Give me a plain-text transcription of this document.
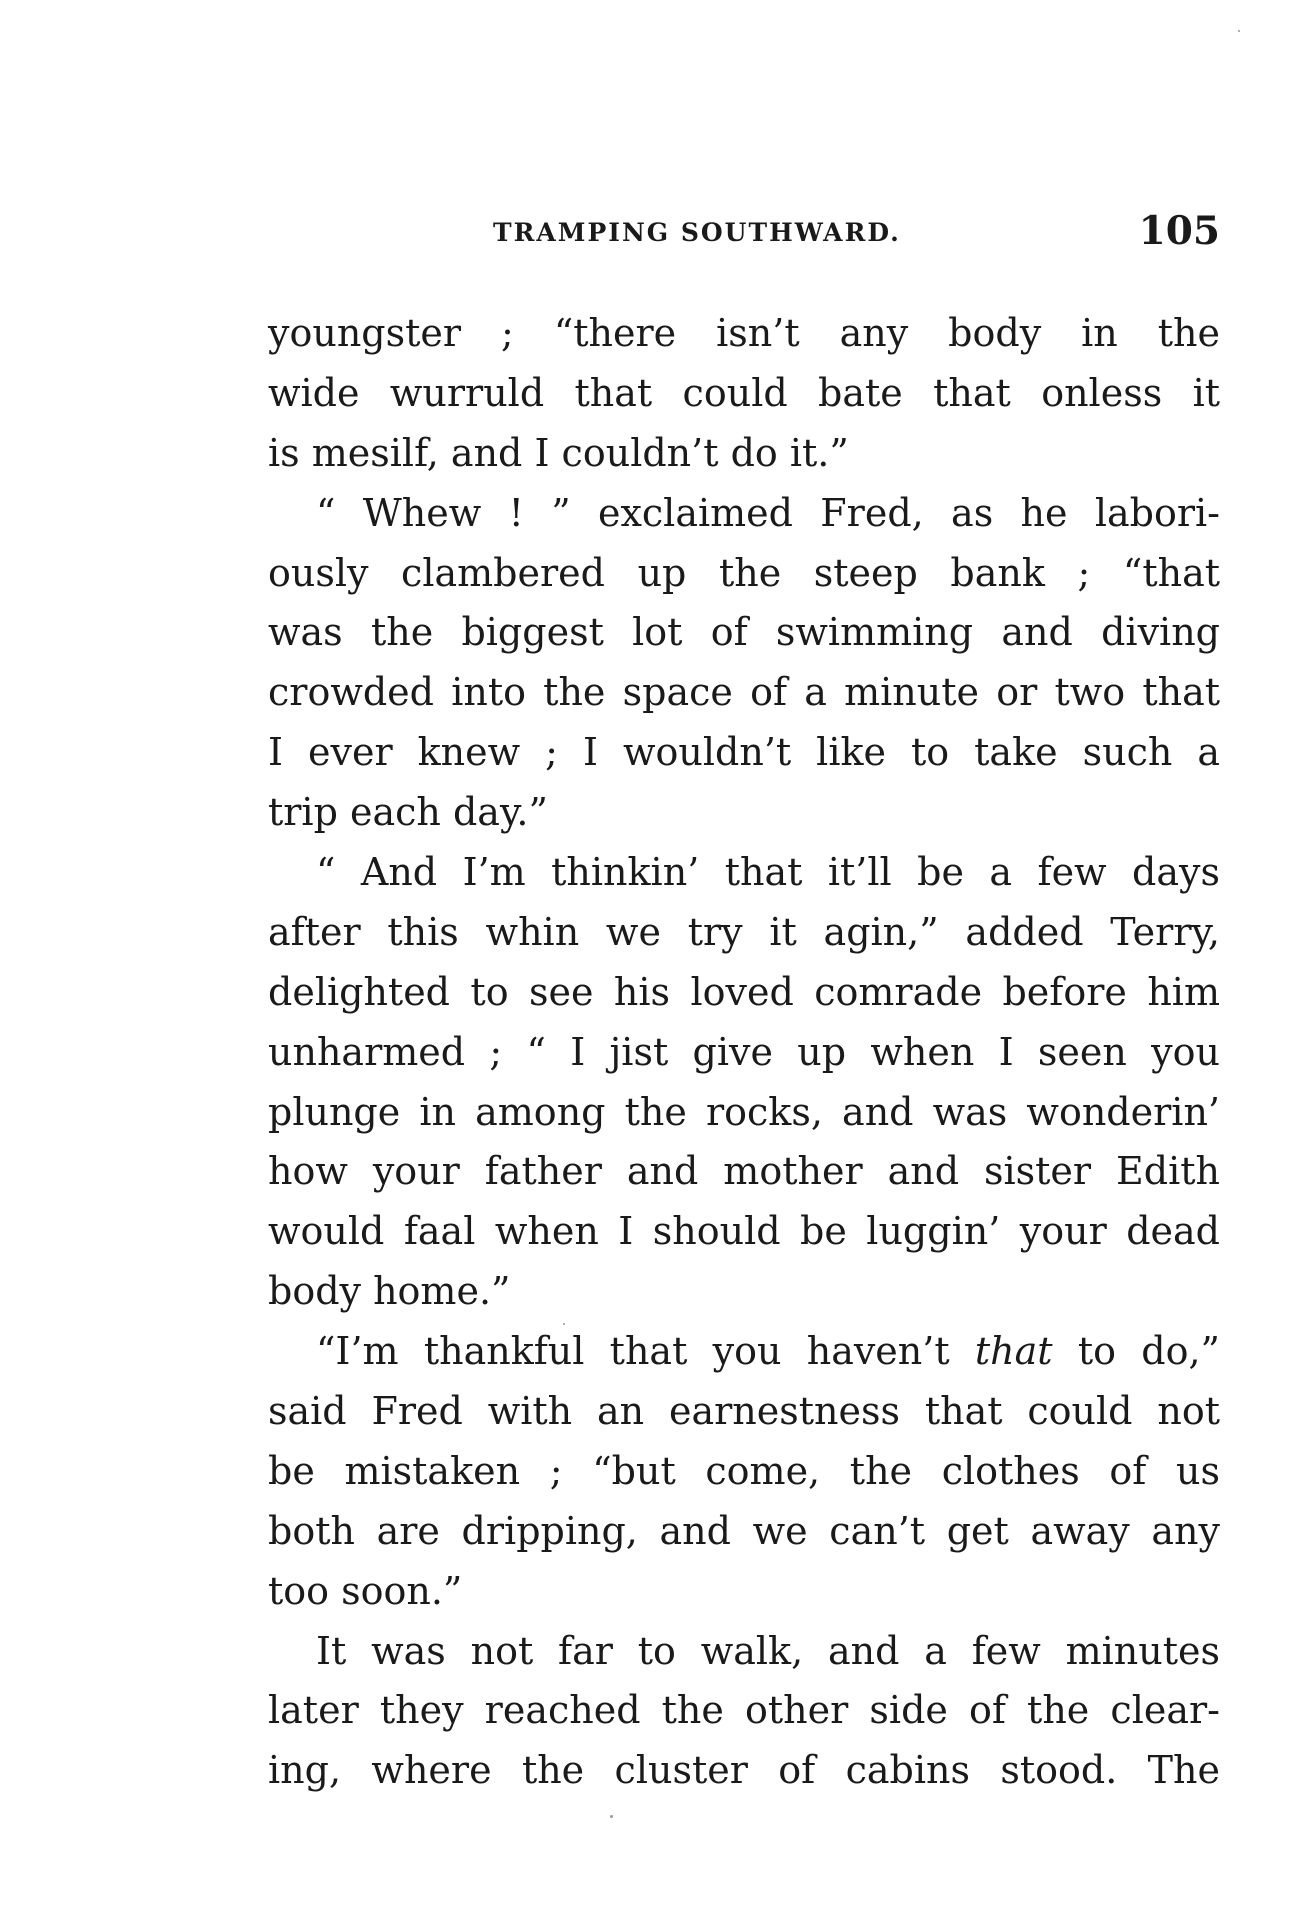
TRAMPING SOUTHWARD.	105
youngster ; “there isn’t any body in the
wide wurruld that could bate that onless it
is mesilf, and I couldn’t do it.”
“ Whew ! ” exclaimed Fred, as he labori-
ously clambered up the steep bank ; “that
was the biggest lot of swimming and diving
crowded into the space of a minute or two that
I ever knew ; I wouldn’t like to take such a
trip each day.”
“ And I’m thinkin’ that it’ll be a few days
after this whin we try it agin,” added Terry,
delighted to see his loved comrade before him
unharmed ; “ I jist give up when I seen you
plunge in among the rocks, and was wonderin’
how your father and mother and sister Edith
would faal when I should be luggin’ your dead
body home.”
“I’m thankful that you haven’t that to do,”
said Fred with an earnestness that could not
be mistaken ; “but come, the clothes of us
both are dripping, and we can’t get away any
too soon.”
It was not far to walk, and a few minutes
later they reached the other side of the clear-
ing, where the cluster of cabins stood. The
